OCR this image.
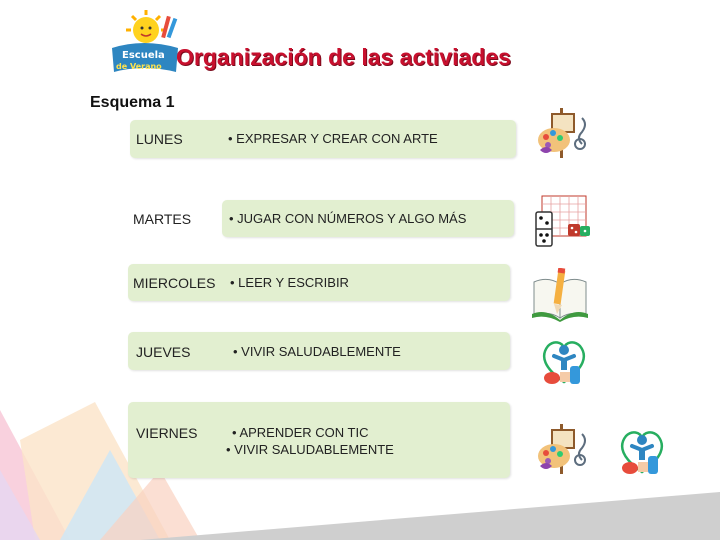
Escuela
de Verano Organización de las activiades
Esquema 1
LUNES	• EXPRESAR Y CREAR CON ARTE
MARTES	• JUGAR CON NÚMEROS Y ALGO MÁS
MIERCOLES • LEER Y ESCRIBIR
JUEVES	• VIVIR SALUDABLEMENTE
VIERNES	• APRENDER CON TIC
• VIVIR SALUDABLEMENTE
